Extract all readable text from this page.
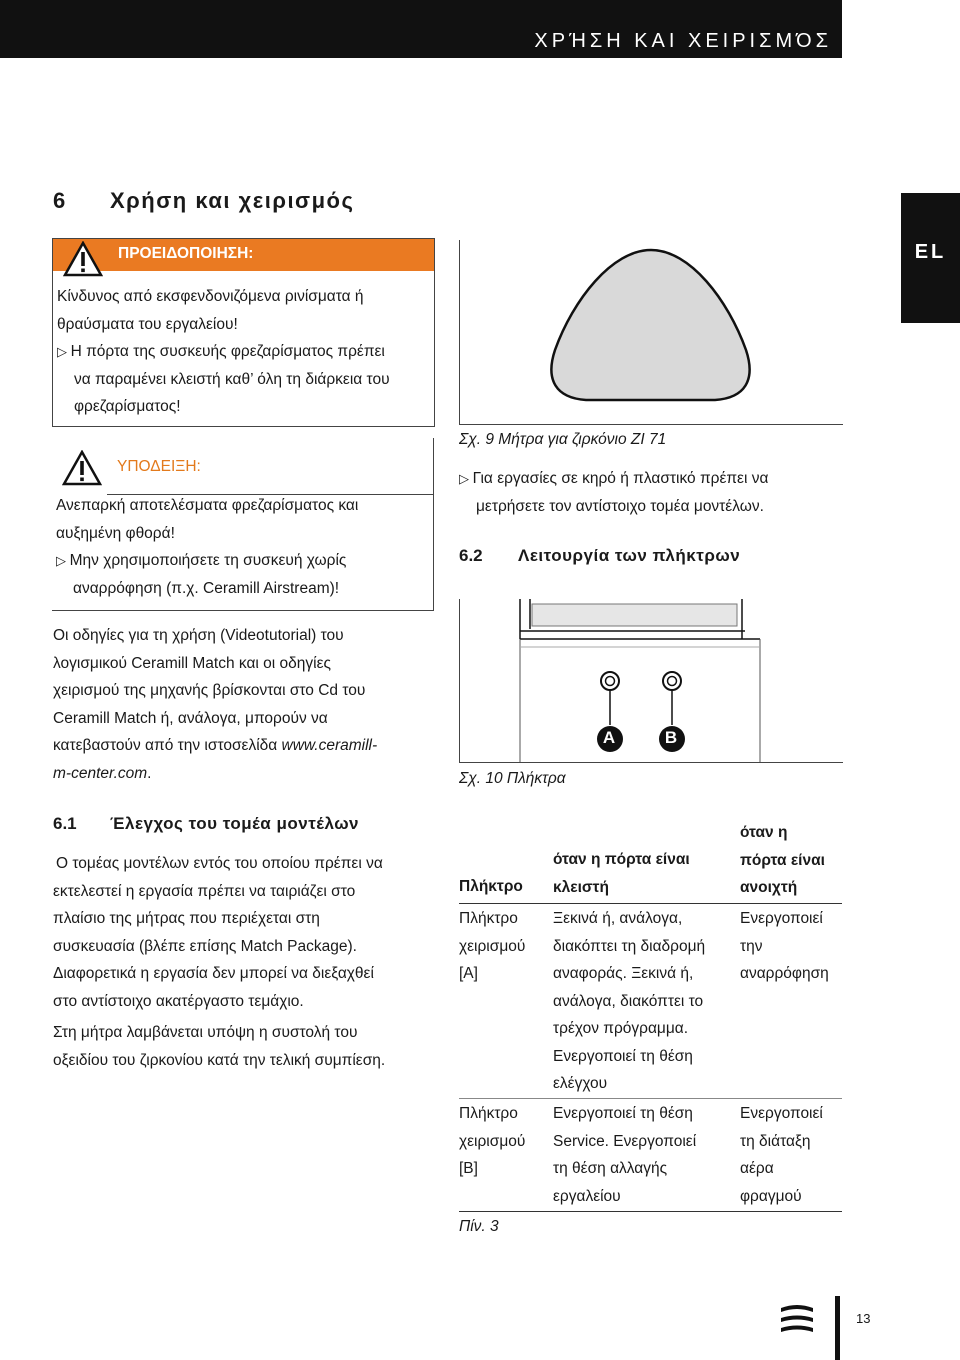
ΧΡΉΣΗ ΚΑΙ ΧΕΙΡΙΣΜΌΣ
EL
6 Χρήση και χειρισμός
ΠΡΟΕΙΔΟΠΟΙΗΣΗ:
Κίνδυνος από εκσφενδονιζόμενα ρινίσματα ή
θραύσματα του εργαλείου!
▷ Η πόρτα της συσκευής φρεζαρίσματος πρέπει
να παραμένει κλειστή καθ’ όλη τη διάρκεια του
φρεζαρίσματος!
ΥΠΟΔΕΙΞΗ:
Ανεπαρκή αποτελέσματα φρεζαρίσματος και
αυξημένη φθορά!
▷ Μην χρησιμοποιήσετε τη συσκευή χωρίς
αναρρόφηση (π.χ. Ceramill Airstream)!
Οι οδηγίες για τη χρήση (Videotutorial) του
λογισμικού Ceramill Match και οι οδηγίες
χειρισμού της μηχανής βρίσκονται στο Cd του
Ceramill Match ή, ανάλογα, μπορούν να
κατεβαστούν από την ιστοσελίδα www.ceramill-
m-center.com.
6.1 Έλεγχος του τομέα μοντέλων
Ο τομέας μοντέλων εντός του οποίου πρέπει να
εκτελεστεί η εργασία πρέπει να ταιριάζει στο
πλαίσιο της μήτρας που περιέχεται στη
συσκευασία (βλέπε επίσης Match Package).
Διαφορετικά η εργασία δεν μπορεί να διεξαχθεί
στο αντίστοιχο ακατέργαστο τεμάχιο.
Στη μήτρα λαμβάνεται υπόψη η συστολή του
οξειδίου του ζιρκονίου κατά την τελική συμπίεση.
Σχ. 9 Μήτρα για ζιρκόνιο ZI 71
▷ Για εργασίες σε κηρό ή πλαστικό πρέπει να
μετρήσετε τον αντίστοιχο τομέα μοντέλων.
6.2 Λειτουργία των πλήκτρων
A	B
Σχ. 10 Πλήκτρα
όταν η
πόρτα είναι
ανοιχτή
όταν η πόρτα είναι
κλειστή
Πλήκτρο
Πλήκτρο
χειρισμού
[A]
Ξεκινά ή, ανάλογα,
διακόπτει τη διαδρομή
αναφοράς. Ξεκινά ή,
ανάλογα, διακόπτει το
τρέχον πρόγραμμα.
Ενεργοποιεί τη θέση
ελέγχου
Ενεργοποιεί
την
αναρρόφηση
Πλήκτρο
χειρισμού
[B]
Ενεργοποιεί τη θέση
Service. Ενεργοποιεί
τη θέση αλλαγής
εργαλείου
Ενεργοποιεί
τη διάταξη
αέρα
φραγμού
Πίν. 3
13
